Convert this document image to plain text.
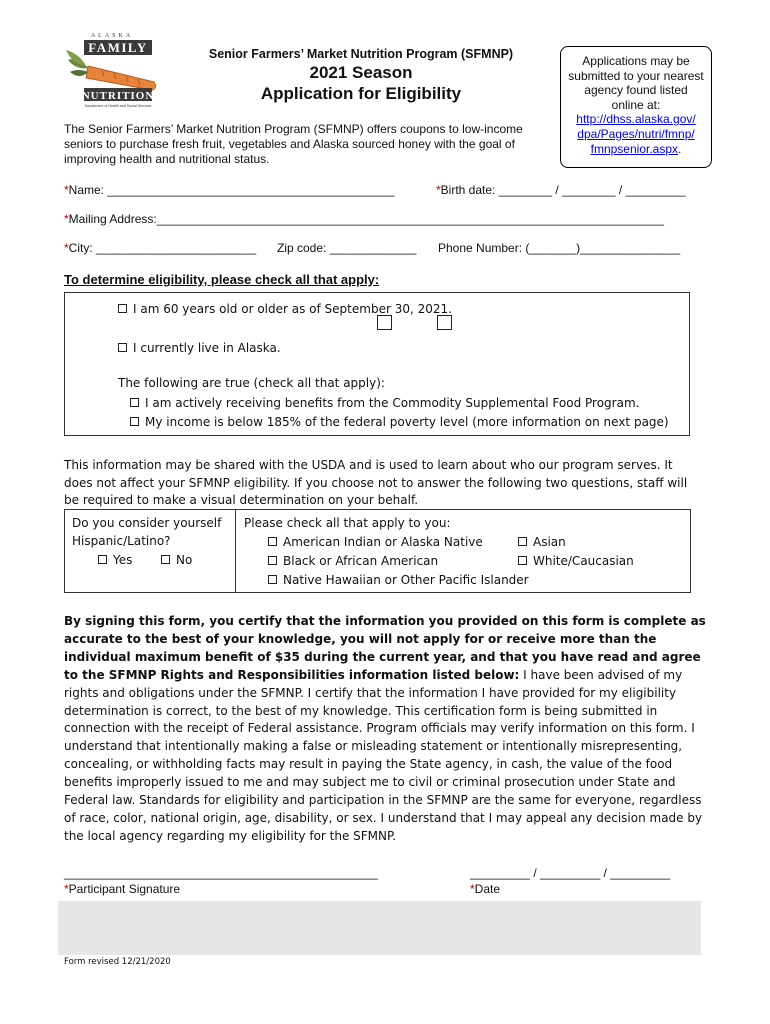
ALASKA
FAMILY
NUTRITION
Department of Health and Social Services
Senior Farmers’ Market Nutrition Program (SFMNP)
2021 Season
Application for Eligibility
The Senior Farmers’ Market Nutrition Program (SFMNP) offers coupons to low-income seniors to purchase fresh fruit, vegetables and Alaska sourced honey with the goal of improving health and nutritional status.
Applications may be submitted to your nearest agency found listed online at:
http://dhss.alaska.gov/
dpa/Pages/nutri/fmnp/
fmnpsenior.aspx.
*Name: ___________________________________________	*Birth date: ________ / ________ / _________
*Mailing Address:____________________________________________________________________________
*City: ________________________ Zip code: _____________ Phone Number: (_______)_______________
To determine eligibility, please check all that apply:
I am 60 years old or older as of September 30, 2021.
I currently live in Alaska.
The following are true (check all that apply):
I am actively receiving benefits from the Commodity Supplemental Food Program.
My income is below 185% of the federal poverty level (more information on next page)
This information may be shared with the USDA and is used to learn about who our program serves. It does not affect your SFMNP eligibility. If you choose not to answer the following two questions, staff will be required to make a visual determination on your behalf.
Do you consider yourself
Hispanic/Latino?
Yes	No
Please check all that apply to you:
American Indian or Alaska Native	Asian
Black or African American	White/Caucasian
Native Hawaiian or Other Pacific Islander
By signing this form, you certify that the information you provided on this form is complete as accurate to the best of your knowledge, you will not apply for or receive more than the individual maximum benefit of $35 during the current year, and that you have read and agree to the SFMNP Rights and Responsibilities information listed below: I have been advised of my rights and obligations under the SFMNP. I certify that the information I have provided for my eligibility determination is correct, to the best of my knowledge. This certification form is being submitted in connection with the receipt of Federal assistance. Program officials may verify information on this form. I understand that intentionally making a false or misleading statement or intentionally misrepresenting, concealing, or withholding facts may result in paying the State agency, in cash, the value of the food benefits improperly issued to me and may subject me to civil or criminal prosecution under State and Federal law. Standards for eligibility and participation in the SFMNP are the same for everyone, regardless of race, color, national origin, age, disability, or sex. I understand that I may appeal any decision made by the local agency regarding my eligibility for the SFMNP.
_______________________________________________
*Participant Signature
_________ / _________ / _________
*Date
Form revised 12/21/2020
